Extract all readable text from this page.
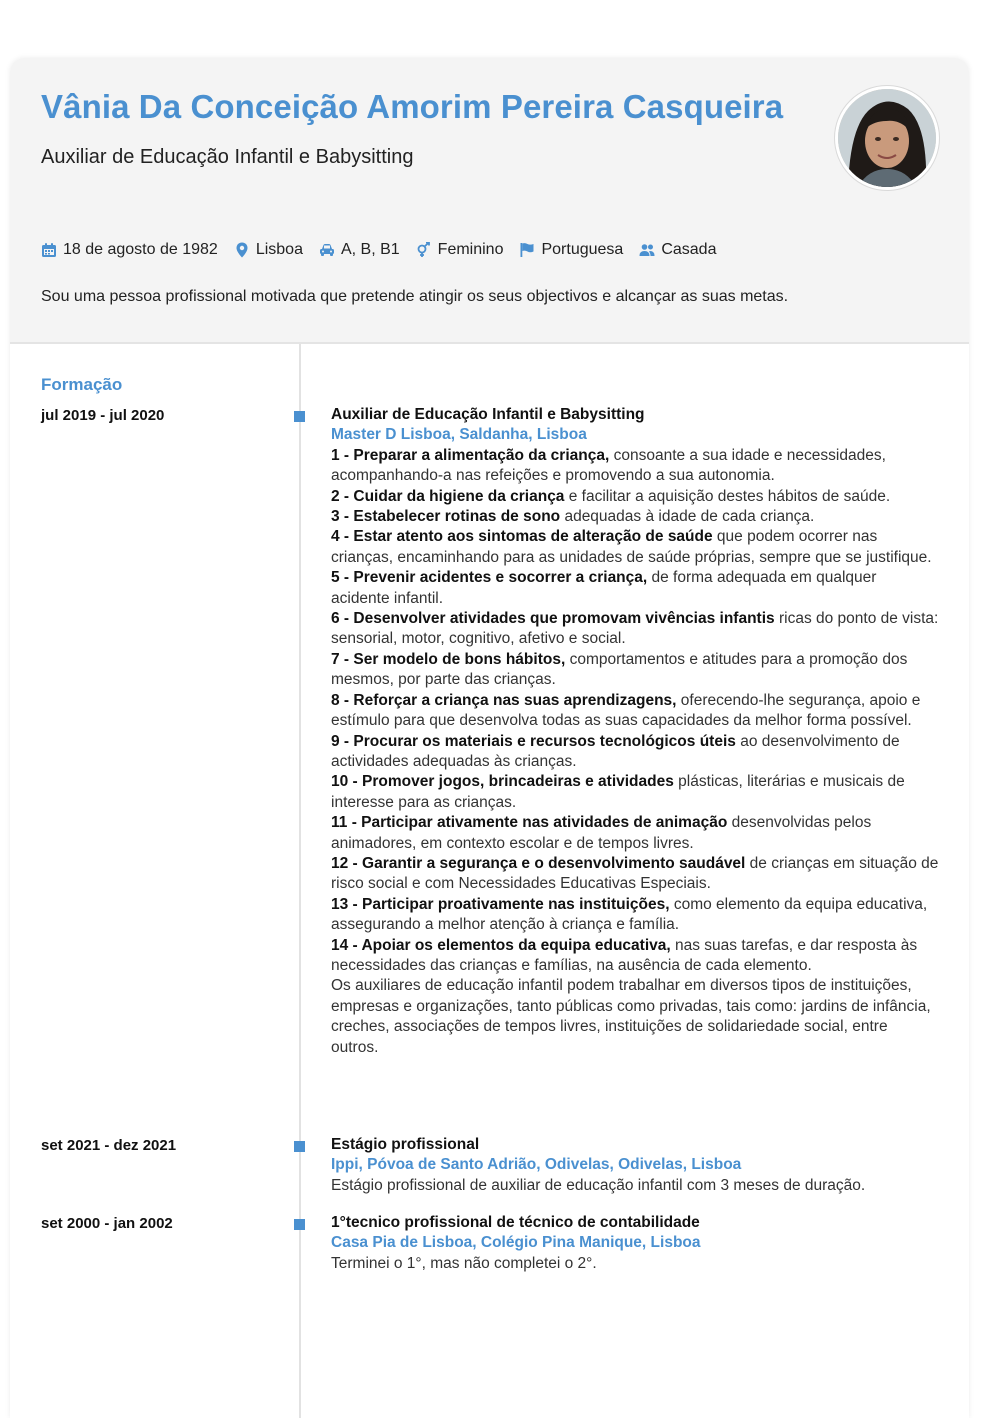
Vânia Da Conceição Amorim Pereira Casqueira
Auxiliar de Educação Infantil e Babysitting
18 de agosto de 1982 Lisboa A, B, B1 Feminino Portuguesa Casada
Sou uma pessoa profissional motivada que pretende atingir os seus objectivos e alcançar as suas metas.
Formação
jul 2019 - jul 2020	Auxiliar de Educação Infantil e Babysitting
Master D Lisboa, Saldanha, Lisboa

1 - Preparar a alimentação da criança, consoante a sua idade e necessidades, acompanhando-a nas refeições e promovendo a sua autonomia.

2 - Cuidar da higiene da criança e facilitar a aquisição destes hábitos de saúde.

3 - Estabelecer rotinas de sono adequadas à idade de cada criança.

4 - Estar atento aos sintomas de alteração de saúde que podem ocorrer nas crianças, encaminhando para as unidades de saúde próprias, sempre que se justifique.

5 - Prevenir acidentes e socorrer a criança, de forma adequada em qualquer acidente infantil.

6 - Desenvolver atividades que promovam vivências infantis ricas do ponto de vista: sensorial, motor, cognitivo, afetivo e social.

7 - Ser modelo de bons hábitos, comportamentos e atitudes para a promoção dos mesmos, por parte das crianças.

8 - Reforçar a criança nas suas aprendizagens, oferecendo-lhe segurança, apoio e estímulo para que desenvolva todas as suas capacidades da melhor forma possível.

9 - Procurar os materiais e recursos tecnológicos úteis ao desenvolvimento de actividades adequadas às crianças.

10 - Promover jogos, brincadeiras e atividades plásticas, literárias e musicais de interesse para as crianças.

11 - Participar ativamente nas atividades de animação desenvolvidas pelos animadores, em contexto escolar e de tempos livres.

12 - Garantir a segurança e o desenvolvimento saudável de crianças em situação de risco social e com Necessidades Educativas Especiais.

13 - Participar proativamente nas instituições, como elemento da equipa educativa, assegurando a melhor atenção à criança e família.

14 - Apoiar os elementos da equipa educativa, nas suas tarefas, e dar resposta às necessidades das crianças e famílias, na ausência de cada elemento.

Os auxiliares de educação infantil podem trabalhar em diversos tipos de instituições, empresas e organizações, tanto públicas como privadas, tais como: jardins de infância, creches, associações de tempos livres, instituições de solidariedade social, entre outros.
set 2021 - dez 2021	Estágio profissional
Ippi, Póvoa de Santo Adrião, Odivelas, Odivelas, Lisboa
Estágio profissional de auxiliar de educação infantil com 3 meses de duração.
set 2000 - jan 2002	1°tecnico profissional de técnico de contabilidade
Casa Pia de Lisboa, Colégio Pina Manique, Lisboa
Terminei o 1°, mas não completei o 2°.
